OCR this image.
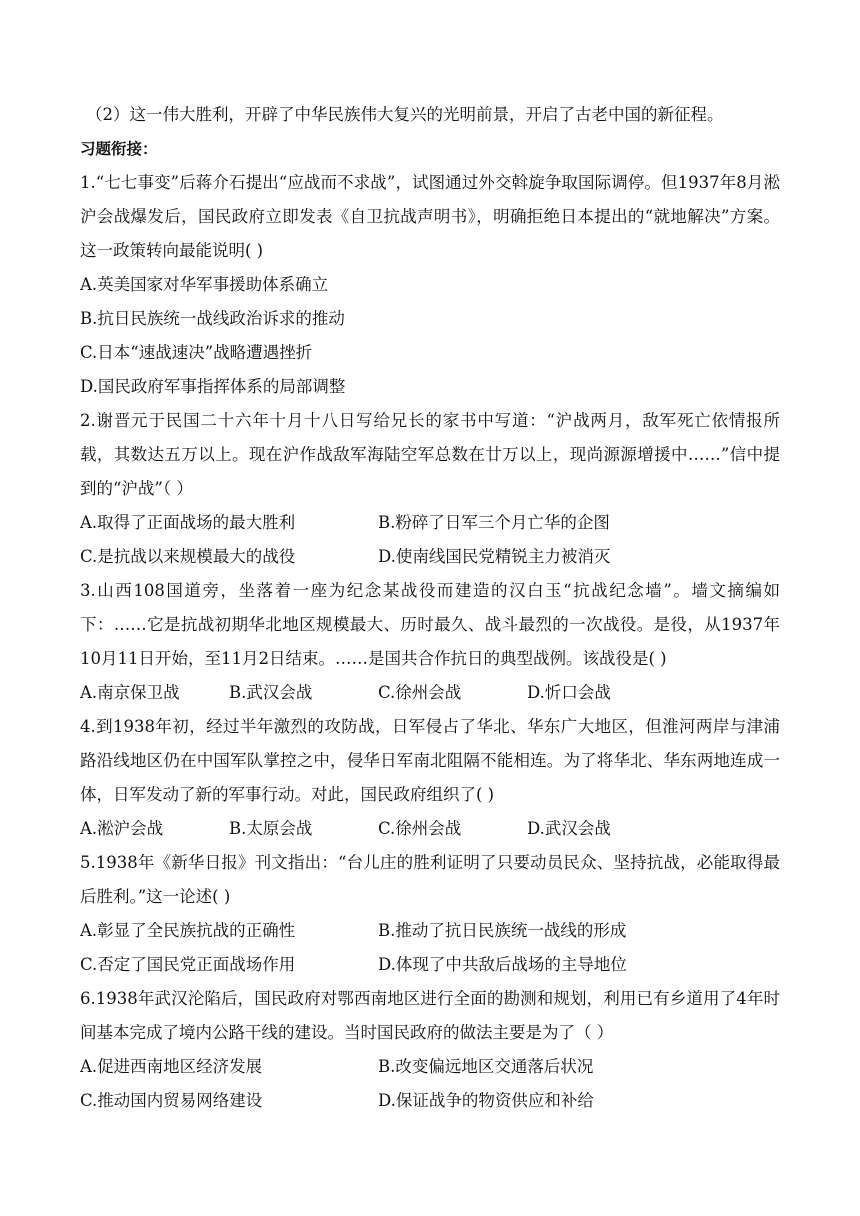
（2）这一伟大胜利，开辟了中华民族伟大复兴的光明前景，开启了古老中国的新征程。
习题衔接：
1.“七七事变”后蒋介石提出“应战而不求战”，试图通过外交斡旋争取国际调停。但1937年8月淞沪会战爆发后，国民政府立即发表《自卫抗战声明书》，明确拒绝日本提出的“就地解决”方案。这一政策转向最能说明( )
A.英美国家对华军事援助体系确立
B.抗日民族统一战线政治诉求的推动
C.日本“速战速决”战略遭遇挫折
D.国民政府军事指挥体系的局部调整
2.谢晋元于民国二十六年十月十八日写给兄长的家书中写道：“沪战两月，敌军死亡依情报所载，其数达五万以上。现在沪作战敌军海陆空军总数在廿万以上，现尚源源增援中……”信中提到的“沪战”（ ）
A.取得了正面战场的最大胜利	B.粉碎了日军三个月亡华的企图
C.是抗战以来规模最大的战役	D.使南线国民党精锐主力被消灭
3.山西108国道旁，坐落着一座为纪念某战役而建造的汉白玉“抗战纪念墙”。墙文摘编如下：……它是抗战初期华北地区规模最大、历时最久、战斗最烈的一次战役。是役，从1937年10月11日开始，至11月2日结束。……是国共合作抗日的典型战例。该战役是( )
A.南京保卫战	B.武汉会战	C.徐州会战	D.忻口会战
4.到1938年初，经过半年激烈的攻防战，日军侵占了华北、华东广大地区，但淮河两岸与津浦路沿线地区仍在中国军队掌控之中，侵华日军南北阻隔不能相连。为了将华北、华东两地连成一体，日军发动了新的军事行动。对此，国民政府组织了( )
A.淞沪会战	B.太原会战	C.徐州会战	D.武汉会战
5.1938年《新华日报》刊文指出：“台儿庄的胜利证明了只要动员民众、坚持抗战，必能取得最后胜利。”这一论述( )
A.彰显了全民族抗战的正确性	B.推动了抗日民族统一战线的形成
C.否定了国民党正面战场作用	D.体现了中共敌后战场的主导地位
6.1938年武汉沦陷后，国民政府对鄂西南地区进行全面的勘测和规划，利用已有乡道用了4年时间基本完成了境内公路干线的建设。当时国民政府的做法主要是为了（ ）
A.促进西南地区经济发展	B.改变偏远地区交通落后状况
C.推动国内贸易网络建设	D.保证战争的物资供应和补给
